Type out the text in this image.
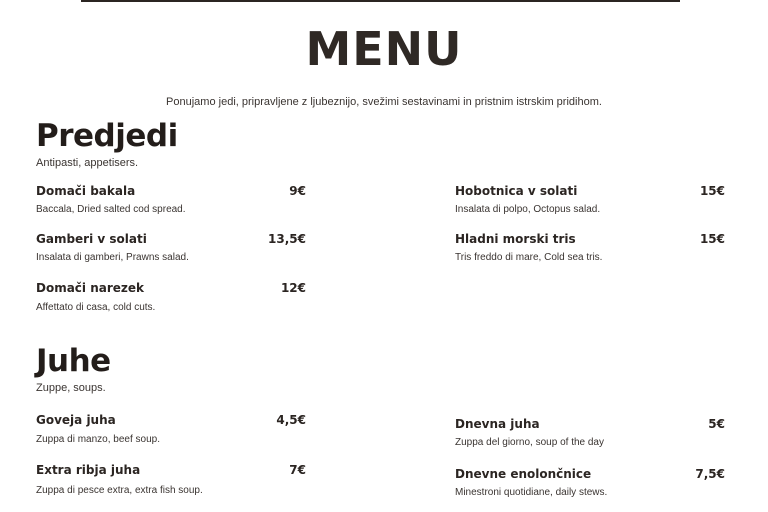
MENU
Ponujamo jedi, pripravljene z ljubeznijo, svežimi sestavinami in pristnim istrskim pridihom.
Predjedi
Antipasti, appetisers.
Domači bakala	9€
Baccala, Dried salted cod spread.
Gamberi v solati	13,5€
Insalata di gamberi, Prawns salad.
Domači narezek	12€
Affettato di casa, cold cuts.
Hobotnica v solati	15€
Insalata di polpo, Octopus salad.
Hladni morski tris	15€
Tris freddo di mare, Cold sea tris.
Juhe
Zuppe, soups.
Goveja juha	4,5€
Zuppa di manzo, beef soup.
Extra ribja juha	7€
Zuppa di pesce extra, extra fish soup.
Dnevna juha	5€
Zuppa del giorno, soup of the day
Dnevne enolončnice	7,5€
Minestroni quotidiane, daily stews.
